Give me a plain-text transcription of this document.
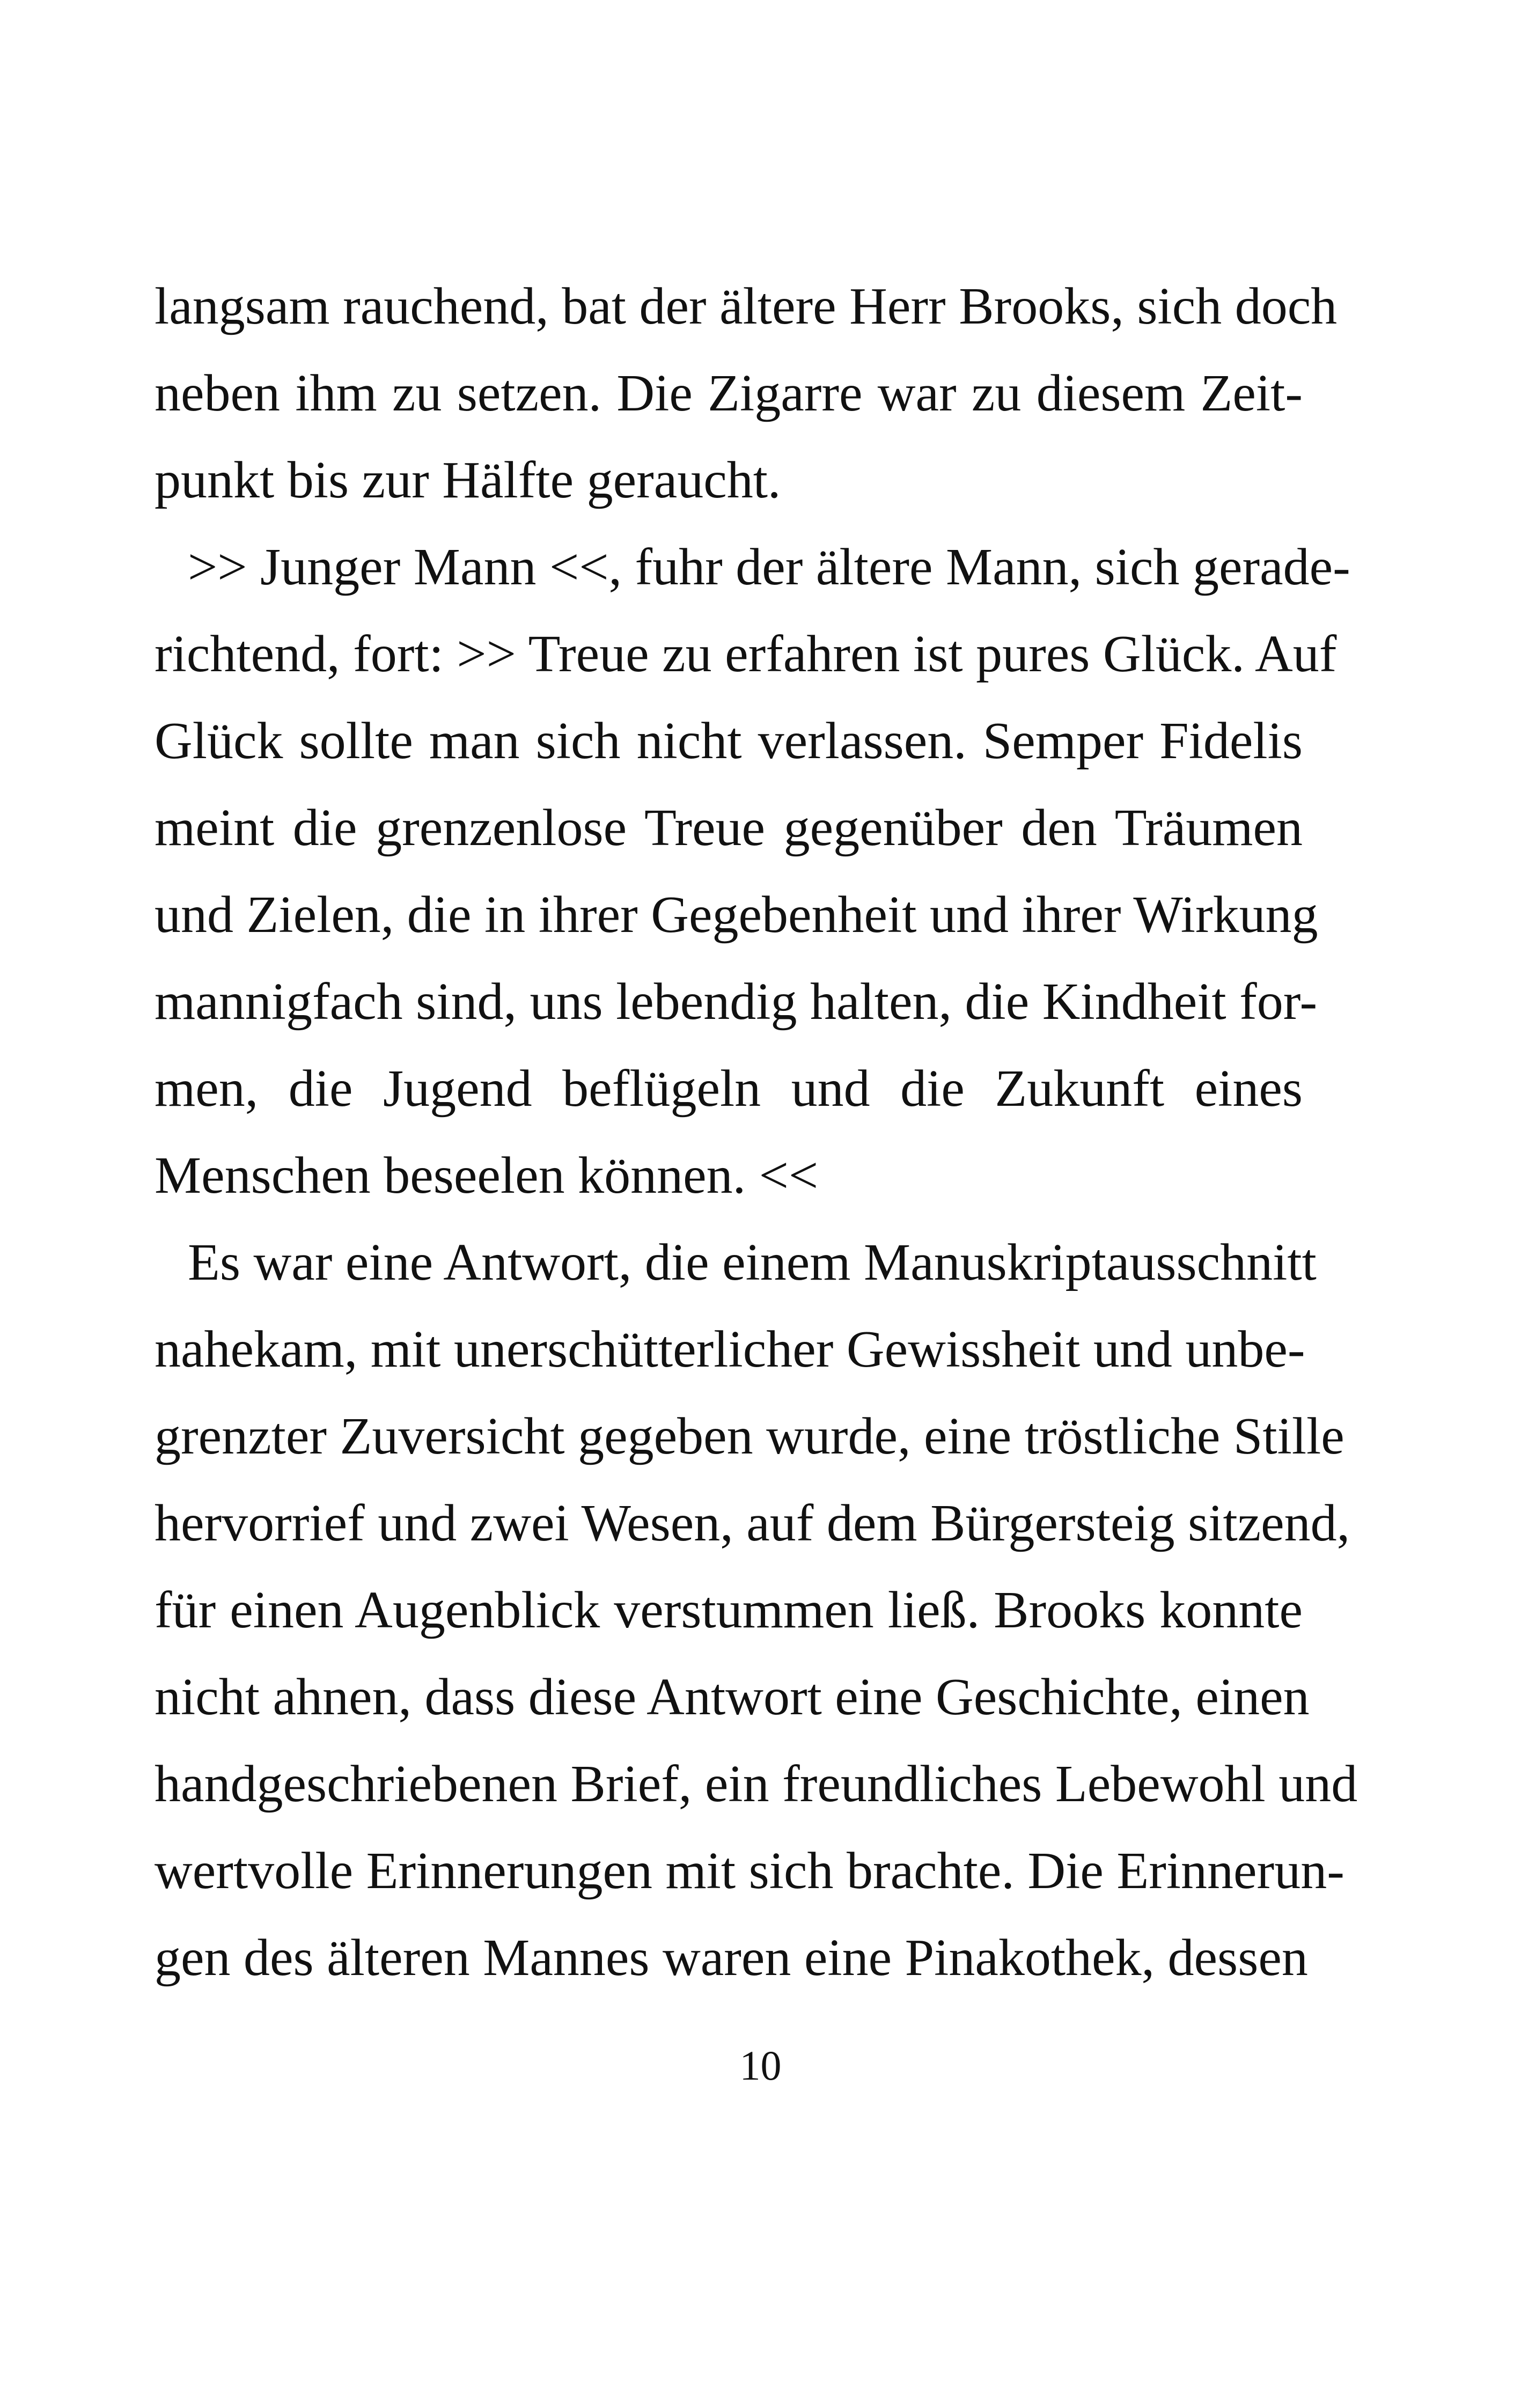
langsam rauchend, bat der ältere Herr Brooks, sich doch
neben ihm zu setzen. Die Zigarre war zu diesem Zeit-
punkt bis zur Hälfte geraucht.
>> Junger Mann <<, fuhr der ältere Mann, sich gerade-
richtend, fort: >> Treue zu erfahren ist pures Glück. Auf
Glück sollte man sich nicht verlassen. Semper Fidelis
meint die grenzenlose Treue gegenüber den Träumen
und Zielen, die in ihrer Gegebenheit und ihrer Wirkung
mannigfach sind, uns lebendig halten, die Kindheit for-
men, die Jugend beflügeln und die Zukunft eines
Menschen beseelen können. <<
Es war eine Antwort, die einem Manuskriptausschnitt
nahekam, mit unerschütterlicher Gewissheit und unbe-
grenzter Zuversicht gegeben wurde, eine tröstliche Stille
hervorrief und zwei Wesen, auf dem Bürgersteig sitzend,
für einen Augenblick verstummen ließ. Brooks konnte
nicht ahnen, dass diese Antwort eine Geschichte, einen
handgeschriebenen Brief, ein freundliches Lebewohl und
wertvolle Erinnerungen mit sich brachte. Die Erinnerun-
gen des älteren Mannes waren eine Pinakothek, dessen
10
